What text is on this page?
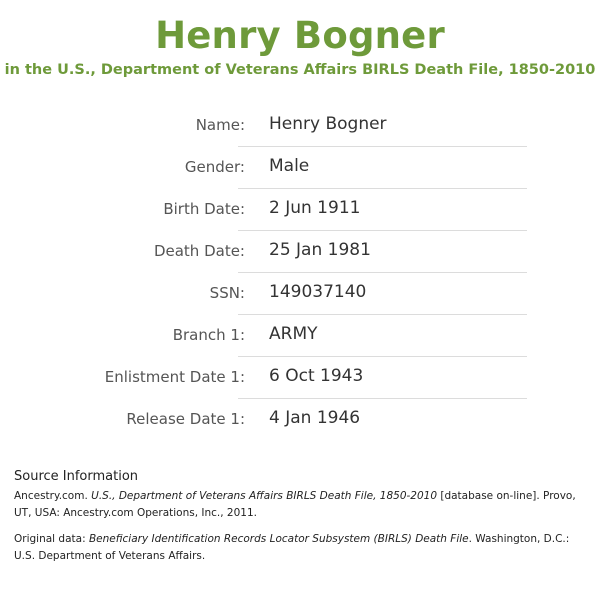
Henry Bogner
in the U.S., Department of Veterans Affairs BIRLS Death File, 1850-2010
Name: Henry Bogner
Gender: Male
Birth Date: 2 Jun 1911
Death Date: 25 Jan 1981
SSN: 149037140
Branch 1: ARMY
Enlistment Date 1: 6 Oct 1943
Release Date 1: 4 Jan 1946
Source Information

Ancestry.com. U.S., Department of Veterans Affairs BIRLS Death File, 1850-2010 [database on-line]. Provo, UT, USA: Ancestry.com Operations, Inc., 2011.

Original data: Beneficiary Identification Records Locator Subsystem (BIRLS) Death File. Washington, D.C.: U.S. Department of Veterans Affairs.
